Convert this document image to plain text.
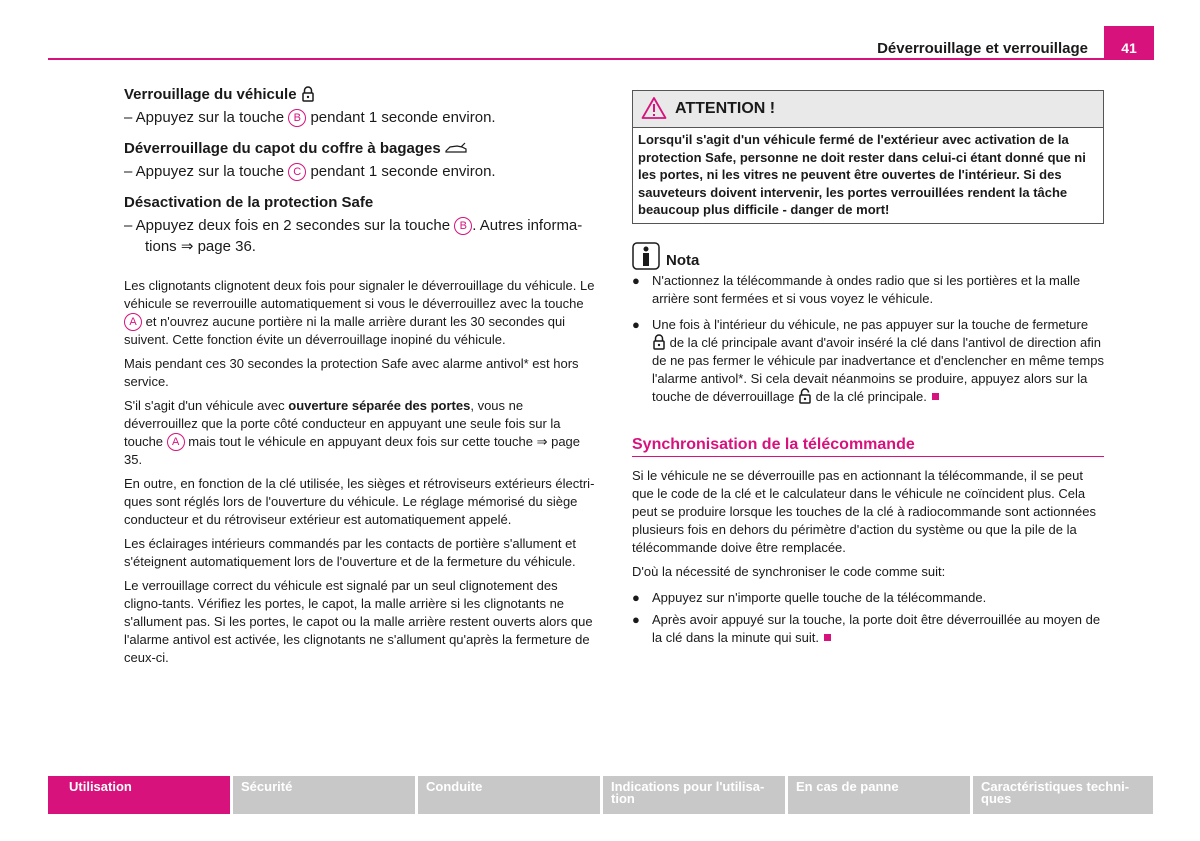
Déverrouillage et verrouillage	41
Verrouillage du véhicule
– Appuyez sur la touche B pendant 1 seconde environ.
Déverrouillage du capot du coffre à bagages
– Appuyez sur la touche C pendant 1 seconde environ.
Désactivation de la protection Safe
– Appuyez deux fois en 2 secondes sur la touche B . Autres informa-tions ⇒ page 36.

Les clignotants clignotent deux fois pour signaler le déverrouillage du véhicule. Le véhicule se reverrouille automatiquement si vous le déverrouillez avec la touche A et n'ouvrez aucune portière ni la malle arrière durant les 30 secondes qui suivent. Cette fonction évite un déverrouillage inopiné du véhicule.

Mais pendant ces 30 secondes la protection Safe avec alarme antivol* est hors service.

S'il s'agit d'un véhicule avec ouverture séparée des portes, vous ne déverrouillez que la porte côté conducteur en appuyant une seule fois sur la touche A mais tout le véhicule en appuyant deux fois sur cette touche ⇒ page 35.

En outre, en fonction de la clé utilisée, les sièges et rétroviseurs extérieurs électri-ques sont réglés lors de l'ouverture du véhicule. Le réglage mémorisé du siège conducteur et du rétroviseur extérieur est automatiquement appelé.

Les éclairages intérieurs commandés par les contacts de portière s'allument et s'éteignent automatiquement lors de l'ouverture et de la fermeture du véhicule.

Le verrouillage correct du véhicule est signalé par un seul clignotement des cligno-tants. Vérifiez les portes, le capot, la malle arrière si les clignotants ne s'allument pas. Si les portes, le capot ou la malle arrière restent ouverts alors que l'alarme antivol est activée, les clignotants ne s'allument qu'après la fermeture de ceux-ci.

ATTENTION !
Lorsqu'il s'agit d'un véhicule fermé de l'extérieur avec activation de la protection Safe, personne ne doit rester dans celui-ci étant donné que ni les portes, ni les vitres ne peuvent être ouvertes de l'intérieur. Si des sauveteurs doivent intervenir, les portes verrouillées rendent la tâche beaucoup plus difficile - danger de mort!
Nota
● N'actionnez la télécommande à ondes radio que si les portières et la malle arrière sont fermées et si vous voyez le véhicule.
● Une fois à l'intérieur du véhicule, ne pas appuyer sur la touche de fermeture  de la clé principale avant d'avoir inséré la clé dans l'antivol de direction afin de ne pas fermer le véhicule par inadvertance et d'enclencher en même temps l'alarme antivol*. Si cela devait néanmoins se produire, appuyez alors sur la touche de déverrouillage  de la clé principale.
Synchronisation de la télécommande

Si le véhicule ne se déverrouille pas en actionnant la télécommande, il se peut que le code de la clé et le calculateur dans le véhicule ne coïncident plus. Cela peut se produire lorsque les touches de la clé à radiocommande sont actionnées plusieurs fois en dehors du périmètre d'action du système ou que la pile de la télécommande doive être remplacée.

D'où la nécessité de synchroniser le code comme suit:

● Appuyez sur n'importe quelle touche de la télécommande.
● Après avoir appuyé sur la touche, la porte doit être déverrouillée au moyen de la clé dans la minute qui suit.
Utilisation	Sécurité	Conduite	Indications pour l'utilisa-
tion
En cas de panne	Caractéristiques techni-
ques
